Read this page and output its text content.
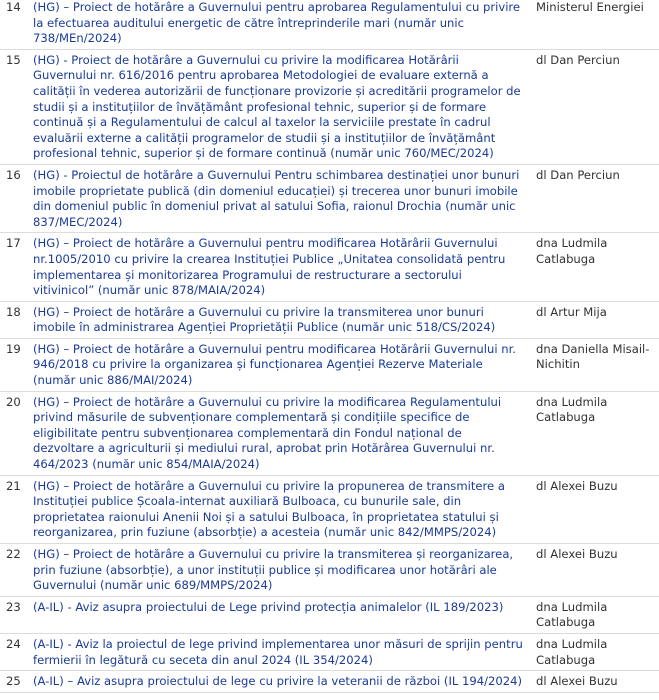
14	(HG) – Proiect de hotărâre a Guvernului pentru aprobarea Regulamentului cu privire la efectuarea auditului energetic de către întreprinderile mari (număr unic 738/MEn/2024)	Ministerul Energiei
15	(HG) - Proiect de hotărâre a Guvernului cu privire la modificarea Hotărârii Guvernului nr. 616/2016 pentru aprobarea Metodologiei de evaluare externă a calității în vederea autorizării de funcționare provizorie și acreditării programelor de studii și a instituțiilor de învățământ profesional tehnic, superior și de formare continuă și a Regulamentului de calcul al taxelor la serviciile prestate în cadrul evaluării externe a calității programelor de studii și a instituțiilor de învățământ profesional tehnic, superior și de formare continuă (număr unic 760/MEC/2024)	dl Dan Perciun
16	(HG) - Proiectul de hotărâre a Guvernului Pentru schimbarea destinației unor bunuri imobile proprietate publică (din domeniul educației) și trecerea unor bunuri imobile din domeniul public în domeniul privat al satului Sofia, raionul Drochia (număr unic 837/MEC/2024)	dl Dan Perciun
17	(HG) – Proiect de hotărâre a Guvernului pentru modificarea Hotărârii Guvernului nr.1005/2010 cu privire la crearea Instituției Publice „Unitatea consolidată pentru implementarea și monitorizarea Programului de restructurare a sectorului vitivinicol” (număr unic 878/MAIA/2024)	dna Ludmila Catlabuga
18	(HG) – Proiect de hotărâre a Guvernului cu privire la transmiterea unor bunuri imobile în administrarea Agenției Proprietății Publice (număr unic 518/CS/2024)	dl Artur Mija
19	(HG) – Proiect de hotărâre a Guvernului pentru modificarea Hotărârii Guvernului nr. 946/2018 cu privire la organizarea și funcționarea Agenției Rezerve Materiale (număr unic 886/MAI/2024)	dna Daniella Misail-Nichitin
20	(HG) – Proiect de hotărâre a Guvernului cu privire la modificarea Regulamentului privind măsurile de subvenționare complementară și condițiile specifice de eligibilitate pentru subvenționarea complementară din Fondul național de dezvoltare a agriculturii și mediului rural, aprobat prin Hotărârea Guvernului nr. 464/2023 (număr unic 854/MAIA/2024)	dna Ludmila Catlabuga
21	(HG) – Proiect de hotărâre a Guvernului cu privire la propunerea de transmitere a Instituției publice Școala-internat auxiliară Bulboaca, cu bunurile sale, din proprietatea raionului Anenii Noi și a satului Bulboaca, în proprietatea statului și reorganizarea, prin fuziune (absorbție) a acesteia (număr unic 842/MMPS/2024)	dl Alexei Buzu
22	(HG) – Proiect de hotărâre a Guvernului cu privire la transmiterea și reorganizarea, prin fuziune (absorbție), a unor instituții publice și modificarea unor hotărâri ale Guvernului (număr unic 689/MMPS/2024)	dl Alexei Buzu
23	(A-IL) - Aviz asupra proiectului de Lege privind protecția animalelor (IL 189/2023)	dna Ludmila Catlabuga
24	(A-IL) - Aviz la proiectul de lege privind implementarea unor măsuri de sprijin pentru fermierii în legătură cu seceta din anul 2024 (IL 354/2024)	dna Ludmila Catlabuga
25	(A-IL) – Aviz asupra proiectului de lege cu privire la veteranii de război (IL 194/2024)	dl Alexei Buzu
